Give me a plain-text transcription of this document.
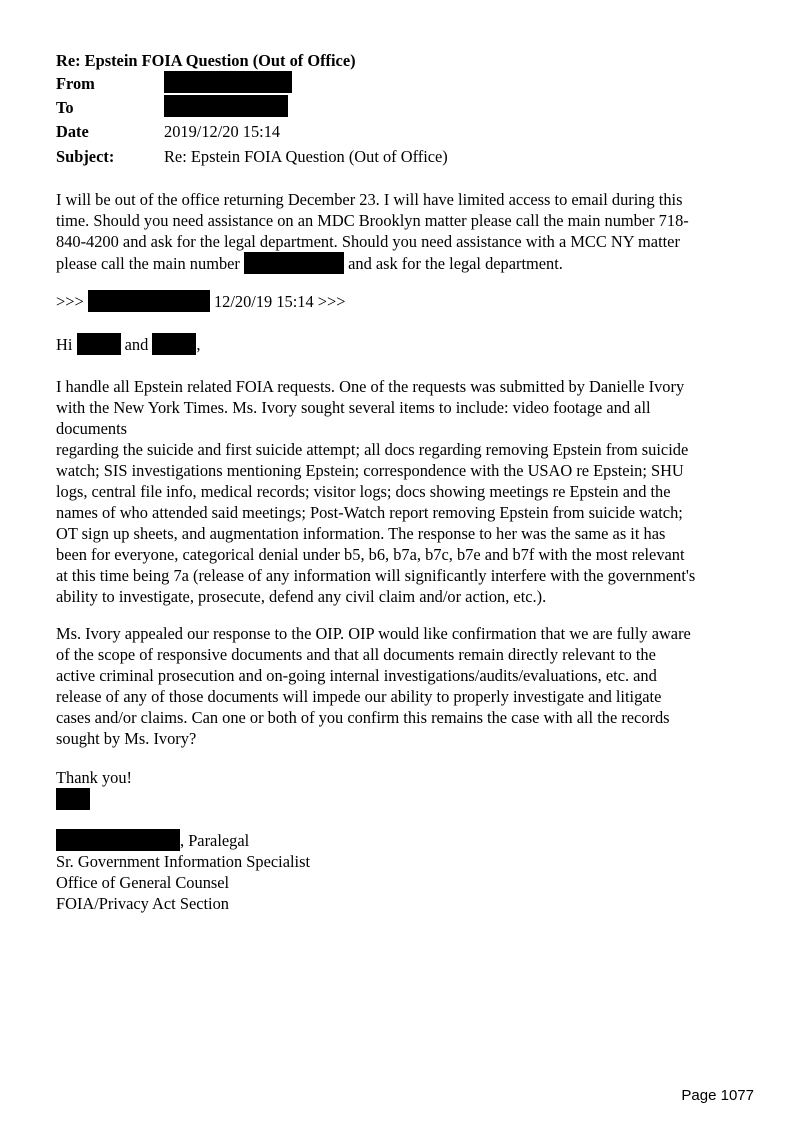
Re: Epstein FOIA Question (Out of Office)
From
To
Date	2019/12/20 15:14
Subject:	Re: Epstein FOIA Question (Out of Office)
I will be out of the office returning December 23. I will have limited access to email during this
time. Should you need assistance on an MDC Brooklyn matter please call the main number 718-
840-4200 and ask for the legal department. Should you need assistance with a MCC NY matter
please call the main number	and ask for the legal department.
>>>	12/20/19 15:14 >>>
Hi	and	,
I handle all Epstein related FOIA requests. One of the requests was submitted by Danielle Ivory
with the New York Times. Ms. Ivory sought several items to include: video footage and all
documents
regarding the suicide and first suicide attempt; all docs regarding removing Epstein from suicide
watch; SIS investigations mentioning Epstein; correspondence with the USAO re Epstein; SHU
logs, central file info, medical records; visitor logs; docs showing meetings re Epstein and the
names of who attended said meetings; Post-Watch report removing Epstein from suicide watch;
OT sign up sheets, and augmentation information. The response to her was the same as it has
been for everyone, categorical denial under b5, b6, b7a, b7c, b7e and b7f with the most relevant
at this time being 7a (release of any information will significantly interfere with the government's
ability to investigate, prosecute, defend any civil claim and/or action, etc.).
Ms. Ivory appealed our response to the OIP. OIP would like confirmation that we are fully aware
of the scope of responsive documents and that all documents remain directly relevant to the
active criminal prosecution and on-going internal investigations/audits/evaluations, etc. and
release of any of those documents will impede our ability to properly investigate and litigate
cases and/or claims. Can one or both of you confirm this remains the case with all the records
sought by Ms. Ivory?
Thank you!
, Paralegal
Sr. Government Information Specialist
Office of General Counsel
FOIA/Privacy Act Section
Page 1077
